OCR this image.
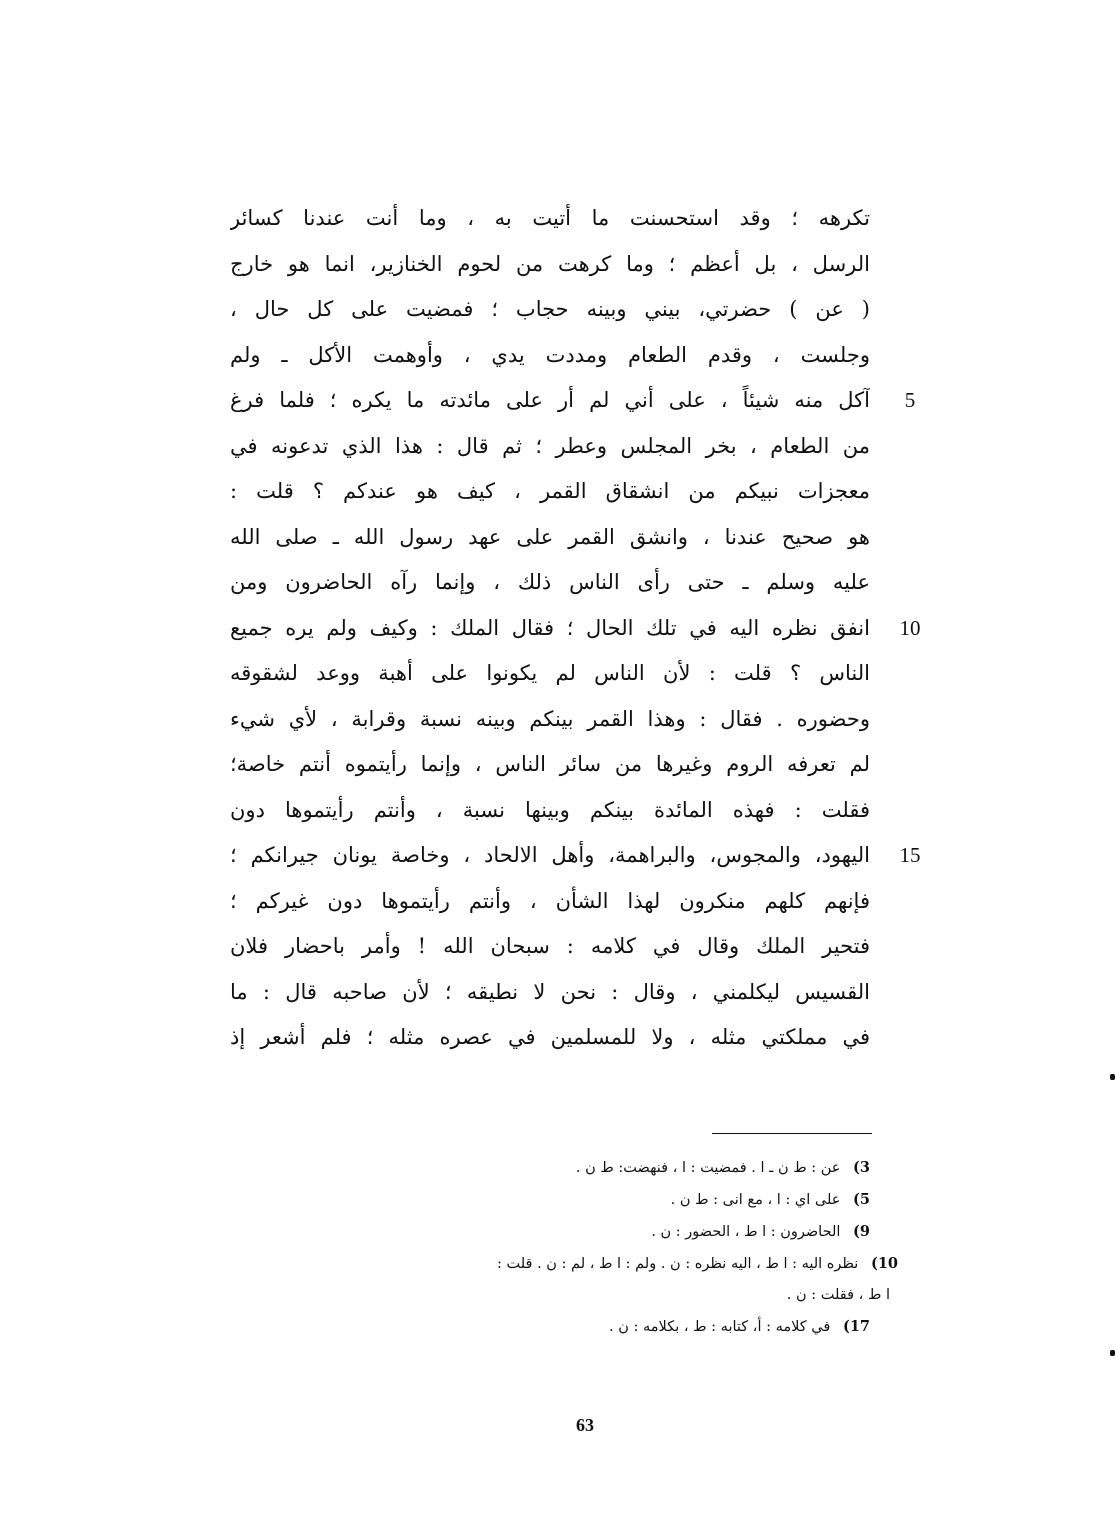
تكرهه ؛ وقد استحسنت ما أتيت به ، وما أنت عندنا كسائر
الرسل ، بل أعظم ؛ وما كرهت من لحوم الخنازير، انما هو خارج
( عن ) حضرتي، بيني وبينه حجاب ؛ فمضيت على كل حال ،
وجلست ، وقدم الطعام ومددت يدي ، وأوهمت الأكل ـ ولم
آكل منه شيئاً ، على أني لم أر على مائدته ما يكره ؛ فلما فرغ
من الطعام ، بخر المجلس وعطر ؛ ثم قال : هذا الذي تدعونه في
معجزات نبيكم من انشقاق القمر ، كيف هو عندكم ؟ قلت :
هو صحيح عندنا ، وانشق القمر على عهد رسول الله ـ صلى الله
عليه وسلم ـ حتى رأى الناس ذلك ، وإنما رآه الحاضرون ومن
انفق نظره اليه في تلك الحال ؛ فقال الملك : وكيف ولم يره جميع
الناس ؟ قلت : لأن الناس لم يكونوا على أهبة ووعد لشقوقه
وحضوره . فقال : وهذا القمر بينكم وبينه نسبة وقرابة ، لأي شيء
لم تعرفه الروم وغيرها من سائر الناس ، وإنما رأيتموه أنتم خاصة؛
فقلت : فهذه المائدة بينكم وبينها نسبة ، وأنتم رأيتموها دون
اليهود، والمجوس، والبراهمة، وأهل الالحاد ، وخاصة يونان جيرانكم ؛
فإنهم كلهم منكرون لهذا الشأن ، وأنتم رأيتموها دون غيركم ؛
فتحير الملك وقال في كلامه : سبحان الله ! وأمر باحضار فلان
القسيس ليكلمني ، وقال : نحن لا نطيقه ؛ لأن صاحبه قال : ما
في مملكتي مثله ، ولا للمسلمين في عصره مثله ؛ فلم أشعر إذ
5
10
15
3) عن : ط ن ـ ا . فمضيت : ا ، فنهضت: ط ن .
5) على اي : ا ، مع انى : ط ن .
9) الحاضرون : ا ط ، الحضور : ن .
10) نظره اليه : ا ط ، اليه نظره : ن . ولم : ا ط ، لم : ن . قلت :
ا ط ، فقلت : ن .
17) في كلامه : أ، كتابه : ط ، بكلامه : ن .
63
